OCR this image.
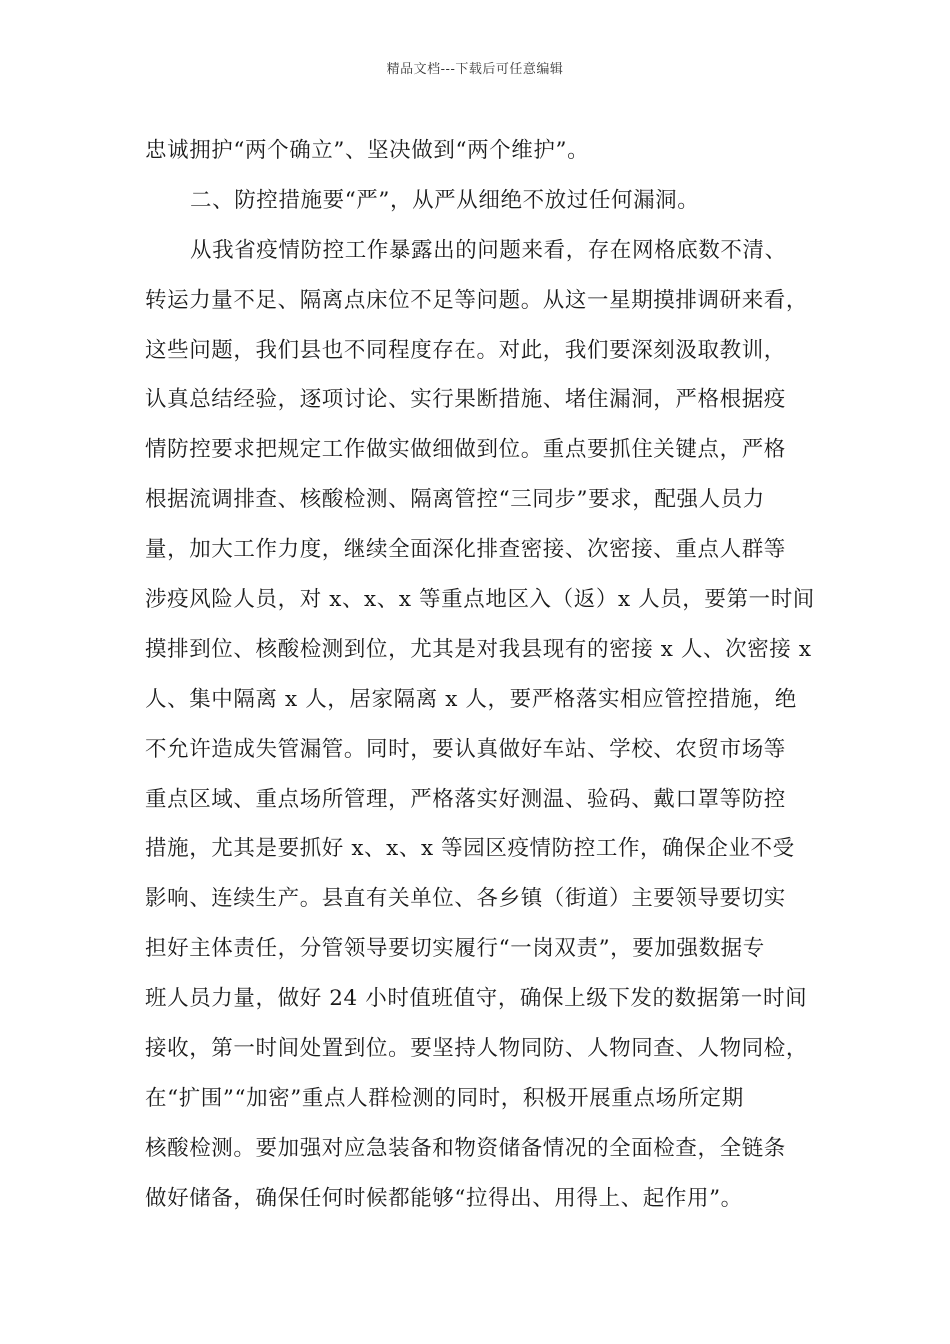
精品文档---下载后可任意编辑
忠诚拥护“两个确立”、坚决做到“两个维护”。
二、防控措施要“严”，从严从细绝不放过任何漏洞。
从我省疫情防控工作暴露出的问题来看，存在网格底数不清、
转运力量不足、隔离点床位不足等问题。从这一星期摸排调研来看，
这些问题，我们县也不同程度存在。对此，我们要深刻汲取教训，
认真总结经验，逐项讨论、实行果断措施、堵住漏洞，严格根据疫
情防控要求把规定工作做实做细做到位。重点要抓住关键点，严格
根据流调排查、核酸检测、隔离管控“三同步”要求，配强人员力
量，加大工作力度，继续全面深化排查密接、次密接、重点人群等
涉疫风险人员，对 x、x、x 等重点地区入（返）x 人员，要第一时间
摸排到位、核酸检测到位，尤其是对我县现有的密接 x 人、次密接 x
人、集中隔离 x 人，居家隔离 x 人，要严格落实相应管控措施，绝
不允许造成失管漏管。同时，要认真做好车站、学校、农贸市场等
重点区域、重点场所管理，严格落实好测温、验码、戴口罩等防控
措施，尤其是要抓好 x、x、x 等园区疫情防控工作，确保企业不受
影响、连续生产。县直有关单位、各乡镇（街道）主要领导要切实
担好主体责任，分管领导要切实履行“一岗双责”，要加强数据专
班人员力量，做好 24 小时值班值守，确保上级下发的数据第一时间
接收，第一时间处置到位。要坚持人物同防、人物同查、人物同检，
在“扩围”“加密”重点人群检测的同时，积极开展重点场所定期
核酸检测。要加强对应急装备和物资储备情况的全面检查，全链条
做好储备，确保任何时候都能够“拉得出、用得上、起作用”。
